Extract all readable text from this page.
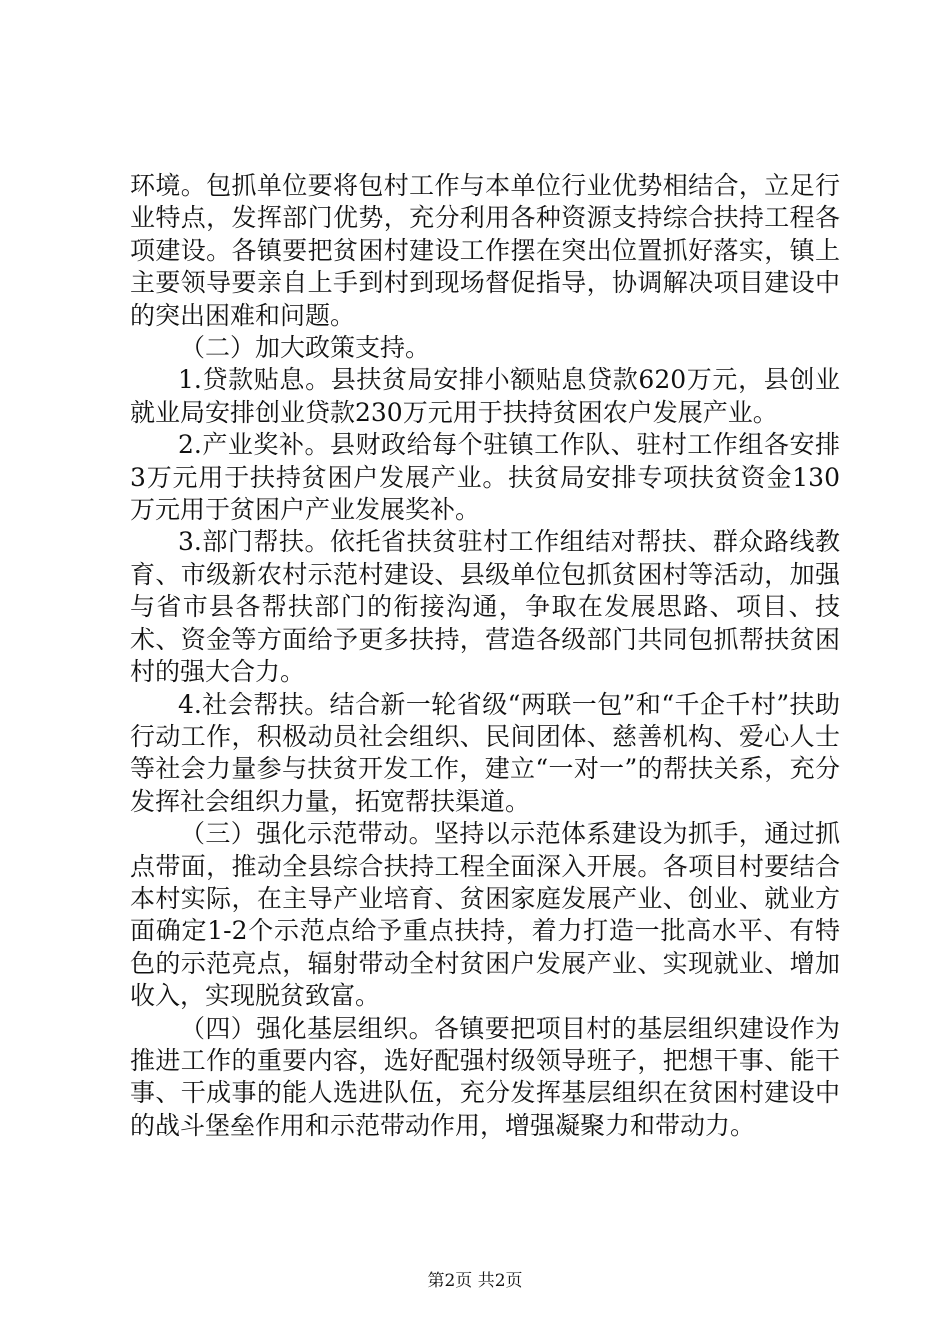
环境。包抓单位要将包村工作与本单位行业优势相结合，立足行业特点，发挥部门优势，充分利用各种资源支持综合扶持工程各项建设。各镇要把贫困村建设工作摆在突出位置抓好落实，镇上主要领导要亲自上手到村到现场督促指导，协调解决项目建设中的突出困难和问题。

（二）加大政策支持。

1.贷款贴息。县扶贫局安排小额贴息贷款620万元，县创业就业局安排创业贷款230万元用于扶持贫困农户发展产业。

2.产业奖补。县财政给每个驻镇工作队、驻村工作组各安排3万元用于扶持贫困户发展产业。扶贫局安排专项扶贫资金130万元用于贫困户产业发展奖补。

3.部门帮扶。依托省扶贫驻村工作组结对帮扶、群众路线教育、市级新农村示范村建设、县级单位包抓贫困村等活动，加强与省市县各帮扶部门的衔接沟通，争取在发展思路、项目、技术、资金等方面给予更多扶持，营造各级部门共同包抓帮扶贫困村的强大合力。

4.社会帮扶。结合新一轮省级“两联一包”和“千企千村”扶助行动工作，积极动员社会组织、民间团体、慈善机构、爱心人士等社会力量参与扶贫开发工作，建立“一对一”的帮扶关系，充分发挥社会组织力量，拓宽帮扶渠道。

（三）强化示范带动。坚持以示范体系建设为抓手，通过抓点带面，推动全县综合扶持工程全面深入开展。各项目村要结合本村实际，在主导产业培育、贫困家庭发展产业、创业、就业方面确定1-2个示范点给予重点扶持，着力打造一批高水平、有特色的示范亮点，辐射带动全村贫困户发展产业、实现就业、增加收入，实现脱贫致富。

（四）强化基层组织。各镇要把项目村的基层组织建设作为推进工作的重要内容，选好配强村级领导班子，把想干事、能干事、干成事的能人选进队伍，充分发挥基层组织在贫困村建设中的战斗堡垒作用和示范带动作用，增强凝聚力和带动力。

第2页 共2页
